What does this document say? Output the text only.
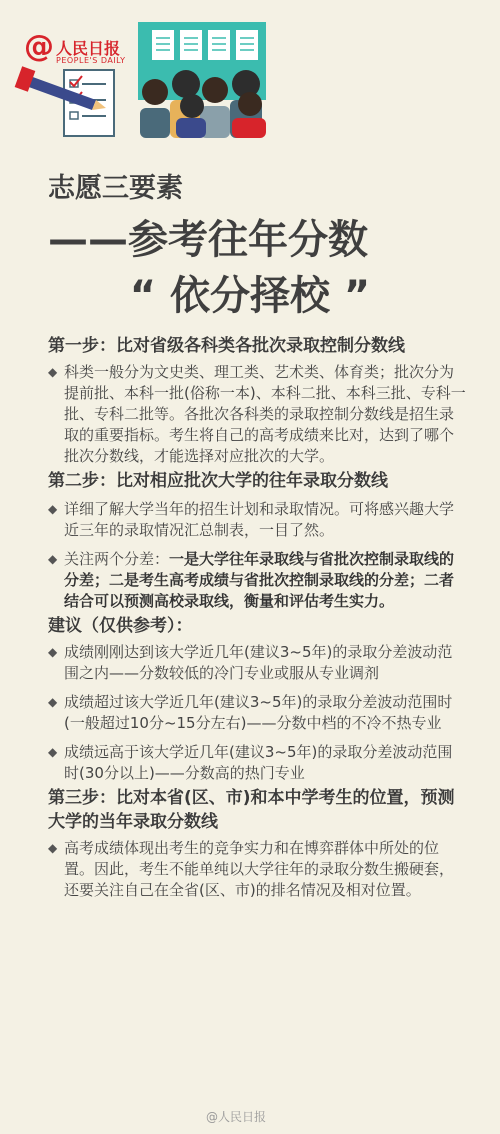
@ 人民日报
PEOPLE'S DAILY
志愿三要素
——参考往年分数
“ 依分择校 ”

第一步：比对省级各科类各批次录取控制分数线

◆ 科类一般分为文史类、理工类、艺术类、体育类；批次分为提前批、本科一批(俗称一本)、本科二批、本科三批、专科一批、专科二批等。各批次各科类的录取控制分数线是招生录取的重要指标。考生将自己的高考成绩来比对，达到了哪个批次分数线，才能选择对应批次的大学。

第二步：比对相应批次大学的往年录取分数线

◆ 详细了解大学当年的招生计划和录取情况。可将感兴趣大学近三年的录取情况汇总制表，一目了然。

◆ 关注两个分差：一是大学往年录取线与省批次控制录取线的分差；二是考生高考成绩与省批次控制录取线的分差；二者结合可以预测高校录取线，衡量和评估考生实力。

建议（仅供参考）：

◆ 成绩刚刚达到该大学近几年(建议3~5年)的录取分差波动范围之内——分数较低的冷门专业或服从专业调剂

◆ 成绩超过该大学近几年(建议3~5年)的录取分差波动范围时(一般超过10分~15分左右)——分数中档的不冷不热专业

◆ 成绩远高于该大学近几年(建议3~5年)的录取分差波动范围时(30分以上)——分数高的热门专业

第三步：比对本省(区、市)和本中学考生的位置，预测大学的当年录取分数线

◆ 高考成绩体现出考生的竞争实力和在博弈群体中所处的位置。因此，考生不能单纯以大学往年的录取分数生搬硬套，还要关注自己在全省(区、市)的排名情况及相对位置。

@人民日报
